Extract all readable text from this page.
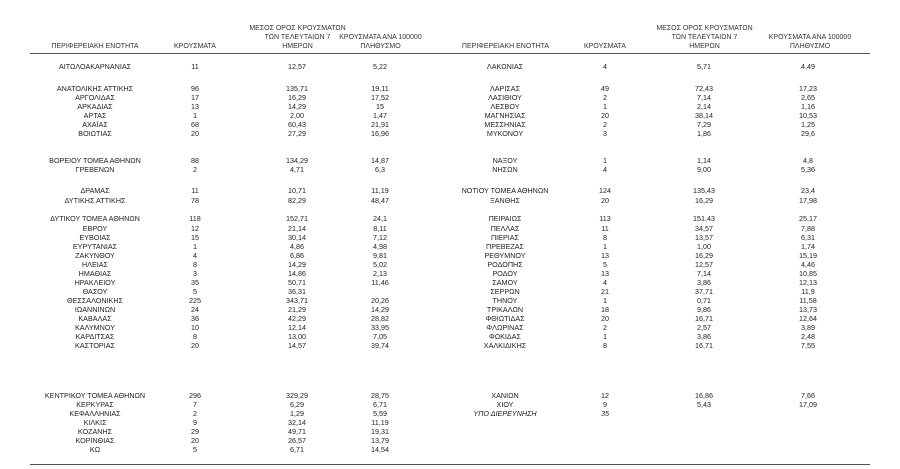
ΠΕΡΙΦΕΡΕΙΑΚΗ ΕΝΟΤΗΤΑ	ΚΡΟΥΣΜΑΤΑ
ΜΕΣΟΣ ΟΡΟΣ ΚΡΟΥΣΜΑΤΩΝ
ΤΩΝ ΤΕΛΕΥΤΑΙΩΝ 7
ΗΜΕΡΩΝ
ΚΡΟΥΣΜΑΤΑ ΑΝΑ 100000
ΠΛΗΘΥΣΜΟ	ΠΕΡΙΦΕΡΕΙΑΚΗ ΕΝΟΤΗΤΑ	ΚΡΟΥΣΜΑΤΑ
ΜΕΣΟΣ ΟΡΟΣ ΚΡΟΥΣΜΑΤΩΝ
ΤΩΝ ΤΕΛΕΥΤΑΙΩΝ 7
ΗΜΕΡΩΝ
ΚΡΟΥΣΜΑΤΑ ΑΝΑ 100000
ΠΛΗΘΥΣΜΟ
ΑΙΤΩΛΟΑΚΑΡΝΑΝΙΑΣ	11	12,57	5,22
ΑΝΑΤΟΛΙΚΗΣ ΑΤΤΙΚΗΣ	96	135,71	19,11
ΑΡΓΟΛΙΔΑΣ	17	16,29	17,52
ΑΡΚΑΔΙΑΣ	13	14,29	15
ΑΡΤΑΣ	1	2,00	1,47
ΑΧΑΪΑΣ	68	60,43	21,91
ΒΟΙΩΤΙΑΣ	20	27,29	16,96
ΒΟΡΕΙΟΥ ΤΟΜΕΑ ΑΘΗΝΩΝ	88	134,29	14,87
ΓΡΕΒΕΝΩΝ	2	4,71	6,3
ΔΡΑΜΑΣ	11	10,71	11,19
ΔΥΤΙΚΗΣ ΑΤΤΙΚΗΣ	78	82,29	48,47
ΔΥΤΙΚΟΥ ΤΟΜΕΑ ΑΘΗΝΩΝ	118	152,71	24,1
ΕΒΡΟΥ	12	21,14	8,11
ΕΥΒΟΙΑΣ	15	30,14	7,12
ΕΥΡΥΤΑΝΙΑΣ	1	4,86	4,98
ΖΑΚΥΝΘΟΥ	4	6,86	9,81
ΗΛΕΙΑΣ	8	14,29	5,02
ΗΜΑΘΙΑΣ	3	14,86	2,13
ΗΡΑΚΛΕΙΟΥ	35	50,71	11,46
ΘΑΣΟΥ	5	36,31
ΘΕΣΣΑΛΟΝΙΚΗΣ	225	343,71	20,26
ΙΩΑΝΝΙΝΩΝ	24	21,29	14,29
ΚΑΒΑΛΑΣ	36	42,29	28,82
ΚΑΛΥΜΝΟΥ	10	12,14	33,95
ΚΑΡΔΙΤΣΑΣ	8	13,00	7,05
ΚΑΣΤΟΡΙΑΣ	20	14,57	39,74
ΚΕΝΤΡΙΚΟΥ ΤΟΜΕΑ ΑΘΗΝΩΝ	296	329,29	28,75
ΚΕΡΚΥΡΑΣ	7	6,29	6,71
ΚΕΦΑΛΛΗΝΙΑΣ	2	1,29	5,59
ΚΙΛΚΙΣ	9	32,14	11,19
ΚΟΖΑΝΗΣ	29	49,71	19,31
ΚΟΡΙΝΘΙΑΣ	20	26,57	13,79
ΚΩ	5	6,71	14,54
ΛΑΚΩΝΙΑΣ	4	5,71	4,49
ΛΑΡΙΣΑΣ	49	72,43	17,23
ΛΑΣΙΘΙΟΥ	2	7,14	2,65
ΛΕΣΒΟΥ	1	2,14	1,16
ΜΑΓΝΗΣΙΑΣ	20	38,14	10,53
ΜΕΣΣΗΝΙΑΣ	2	7,29	1,25
ΜΥΚΟΝΟΥ	3	1,86	29,6
ΝΑΞΟΥ	1	1,14	4,8
ΝΗΣΩΝ	4	9,00	5,36
ΝΟΤΙΟΥ ΤΟΜΕΑ ΑΘΗΝΩΝ	124	135,43	23,4
ΞΑΝΘΗΣ	20	16,29	17,98
ΠΕΙΡΑΙΩΣ	113	151,43	25,17
ΠΕΛΛΑΣ	11	34,57	7,88
ΠΙΕΡΙΑΣ	8	13,57	6,31
ΠΡΕΒΕΖΑΣ	1	1,00	1,74
ΡΕΘΥΜΝΟΥ	13	16,29	15,19
ΡΟΔΟΠΗΣ	5	12,57	4,46
ΡΟΔΟΥ	13	7,14	10,85
ΣΑΜΟΥ	4	3,86	12,13
ΣΕΡΡΩΝ	21	37,71	11,9
ΤΗΝΟΥ	1	0,71	11,58
ΤΡΙΚΑΛΩΝ	18	9,86	13,73
ΦΘΙΩΤΙΔΑΣ	20	16,71	12,64
ΦΛΩΡΙΝΑΣ	2	2,57	3,89
ΦΩΚΙΔΑΣ	1	3,86	2,48
ΧΑΛΚΙΔΙΚΗΣ	8	16,71	7,55
ΧΑΝΙΩΝ	12	16,86	7,66
ΧΙΟΥ	9	5,43	17,09
ΥΠΟ ΔΙΕΡΕΥΝΗΣΗ	35
